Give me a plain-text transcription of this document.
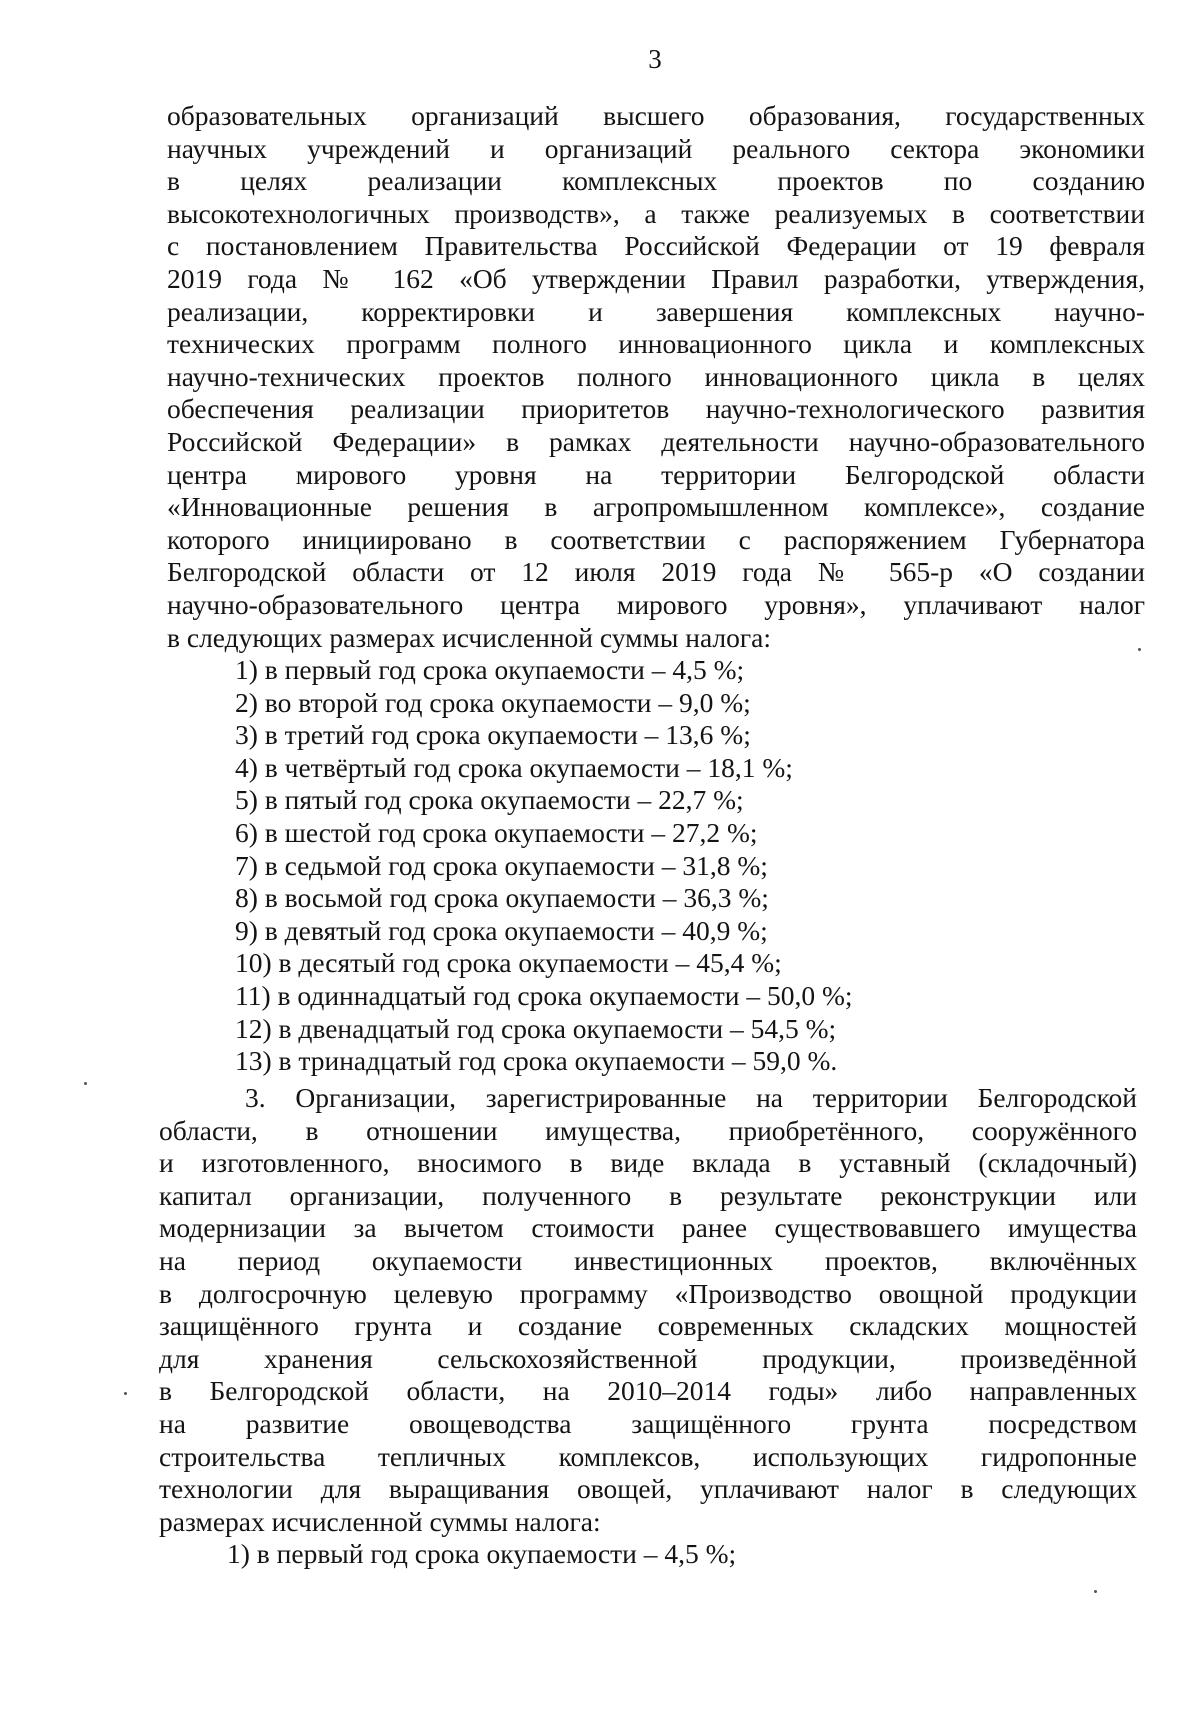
3
образовательных организаций высшего образования, государственных
научных учреждений и организаций реального сектора экономики
в целях реализации комплексных проектов по созданию
высокотехнологичных производств», а также реализуемых в соответствии
с постановлением Правительства Российской Федерации от 19 февраля
2019 года № 162 «Об утверждении Правил разработки, утверждения,
реализации, корректировки и завершения комплексных научно-
технических программ полного инновационного цикла и комплексных
научно-технических проектов полного инновационного цикла в целях
обеспечения реализации приоритетов научно-технологического развития
Российской Федерации» в рамках деятельности научно-образовательного
центра мирового уровня на территории Белгородской области
«Инновационные решения в агропромышленном комплексе», создание
которого инициировано в соответствии с распоряжением Губернатора
Белгородской области от 12 июля 2019 года № 565-р «О создании
научно-образовательного центра мирового уровня», уплачивают налог
в следующих размерах исчисленной суммы налога:
1) в первый год срока окупаемости – 4,5 %;
2) во второй год срока окупаемости – 9,0 %;
3) в третий год срока окупаемости – 13,6 %;
4) в четвёртый год срока окупаемости – 18,1 %;
5) в пятый год срока окупаемости – 22,7 %;
6) в шестой год срока окупаемости – 27,2 %;
7) в седьмой год срока окупаемости – 31,8 %;
8) в восьмой год срока окупаемости – 36,3 %;
9) в девятый год срока окупаемости – 40,9 %;
10) в десятый год срока окупаемости – 45,4 %;
11) в одиннадцатый год срока окупаемости – 50,0 %;
12) в двенадцатый год срока окупаемости – 54,5 %;
13) в тринадцатый год срока окупаемости – 59,0 %.
3. Организации, зарегистрированные на территории Белгородской
области, в отношении имущества, приобретённого, сооружённого
и изготовленного, вносимого в виде вклада в уставный (складочный)
капитал организации, полученного в результате реконструкции или
модернизации за вычетом стоимости ранее существовавшего имущества
на период окупаемости инвестиционных проектов, включённых
в долгосрочную целевую программу «Производство овощной продукции
защищённого грунта и создание современных складских мощностей
для хранения сельскохозяйственной продукции, произведённой
в Белгородской области, на 2010–2014 годы» либо направленных
на развитие овощеводства защищённого грунта посредством
строительства тепличных комплексов, использующих гидропонные
технологии для выращивания овощей, уплачивают налог в следующих
размерах исчисленной суммы налога:
1) в первый год срока окупаемости – 4,5 %;
